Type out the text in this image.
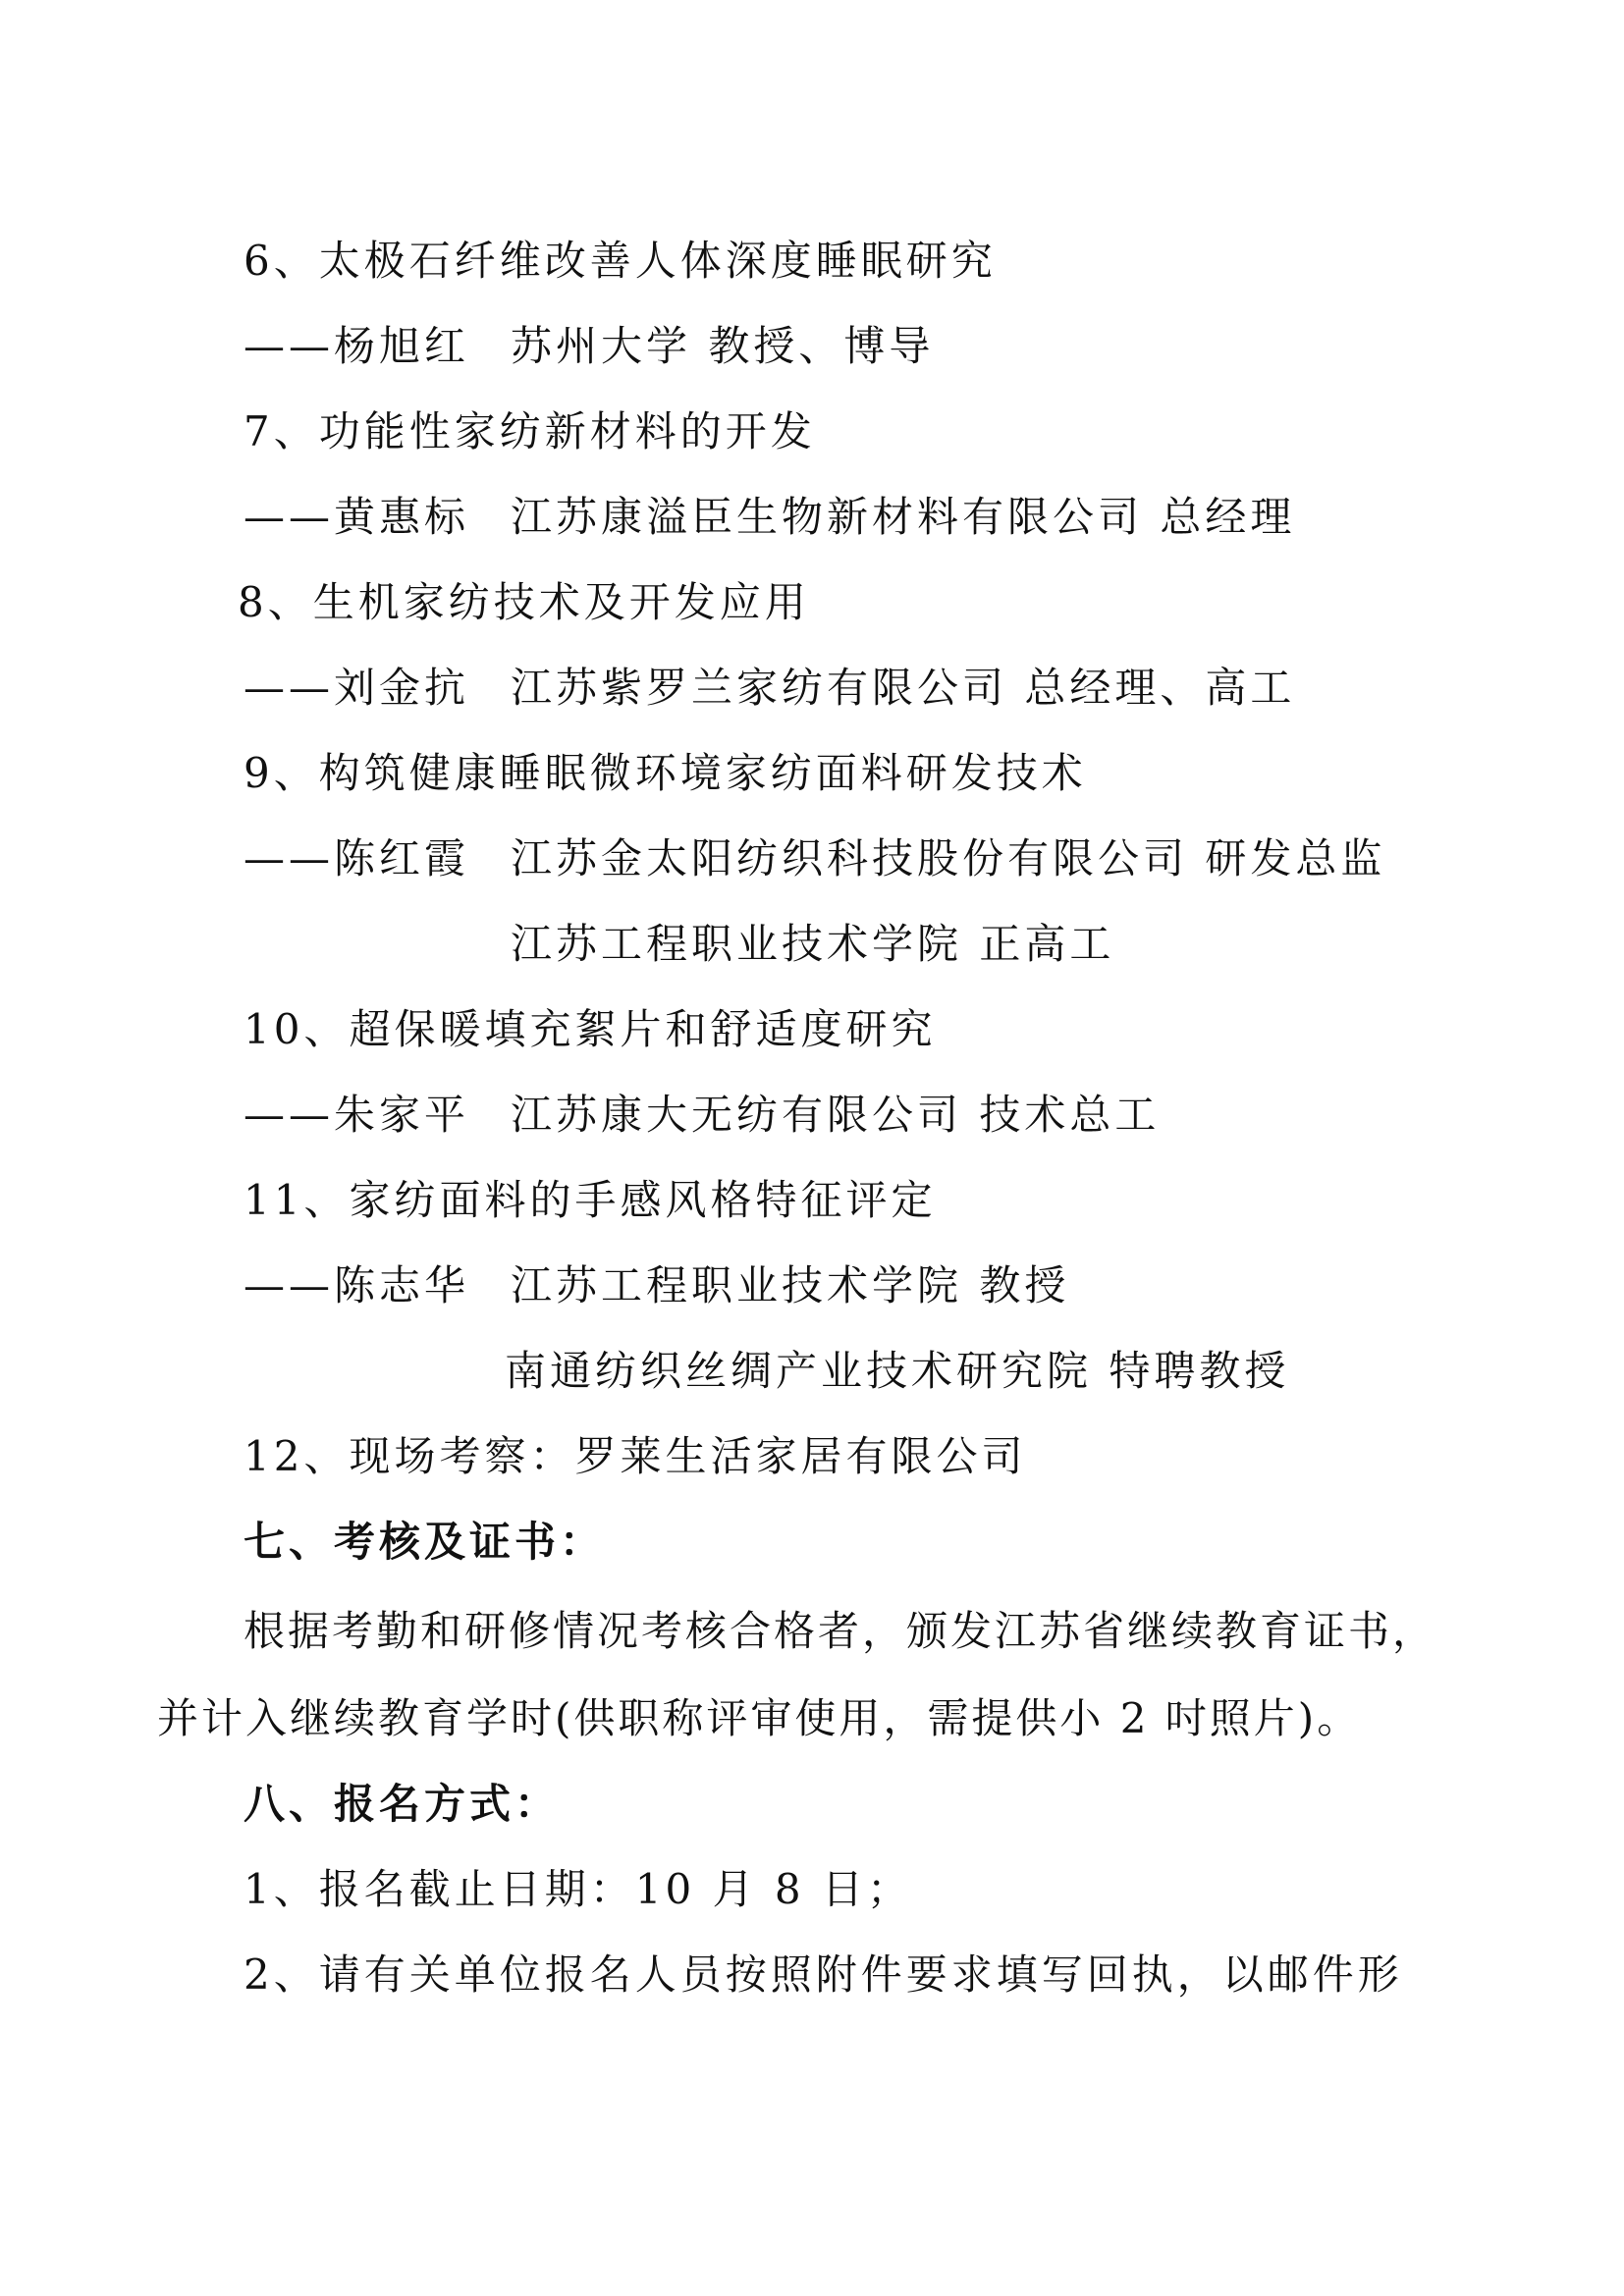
6、太极石纤维改善人体深度睡眠研究
——杨旭红 苏州大学 教授、博导
7、功能性家纺新材料的开发
——黄惠标 江苏康溢臣生物新材料有限公司 总经理
8、生机家纺技术及开发应用
——刘金抗 江苏紫罗兰家纺有限公司 总经理、高工
9、构筑健康睡眠微环境家纺面料研发技术
——陈红霞 江苏金太阳纺织科技股份有限公司 研发总监
江苏工程职业技术学院 正高工
10、超保暖填充絮片和舒适度研究
——朱家平 江苏康大无纺有限公司 技术总工
11、家纺面料的手感风格特征评定
——陈志华 江苏工程职业技术学院 教授
南通纺织丝绸产业技术研究院 特聘教授
12、现场考察：罗莱生活家居有限公司
七、考核及证书：
根据考勤和研修情况考核合格者，颁发江苏省继续教育证书，
并计入继续教育学时(供职称评审使用，需提供小 2 吋照片)。
八、报名方式：
1、报名截止日期：10 月 8 日；
2、请有关单位报名人员按照附件要求填写回执，以邮件形
